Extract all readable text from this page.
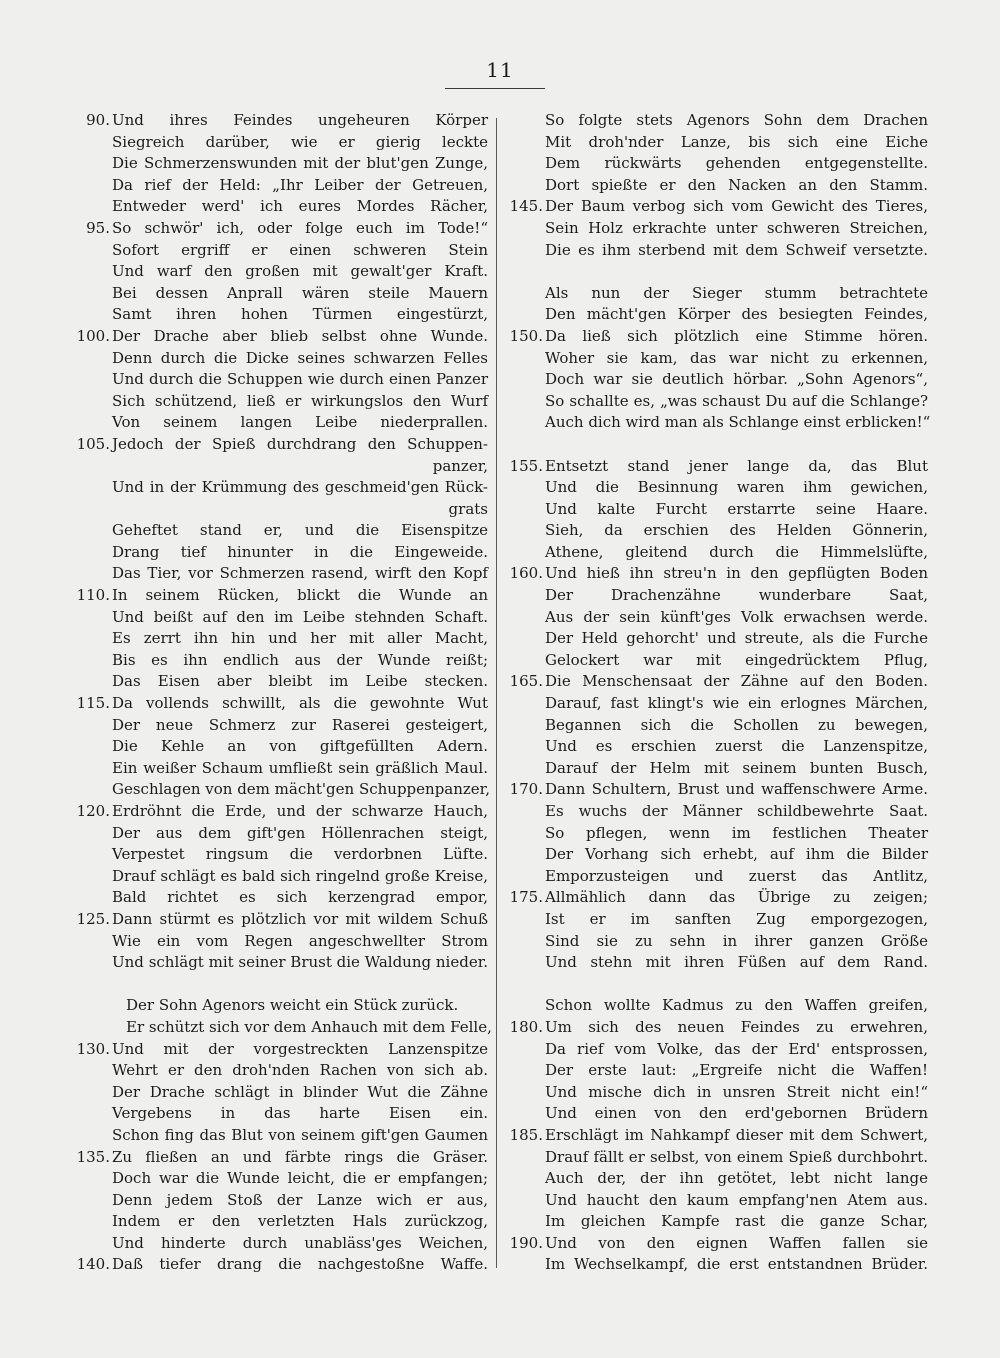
11
90. Und ihres Feindes ungeheuren Körper
Siegreich darüber, wie er gierig leckte
Die Schmerzenswunden mit der blut'gen Zunge,
Da rief der Held: „Ihr Leiber der Getreuen,
Entweder werd' ich eures Mordes Rächer,
95. So schwör' ich, oder folge euch im Tode!“
Sofort ergriff er einen schweren Stein
Und warf den großen mit gewalt'ger Kraft.
Bei dessen Anprall wären steile Mauern
Samt ihren hohen Türmen eingestürzt,
100. Der Drache aber blieb selbst ohne Wunde.
Denn durch die Dicke seines schwarzen Felles
Und durch die Schuppen wie durch einen Panzer
Sich schützend, ließ er wirkungslos den Wurf
Von seinem langen Leibe niederprallen.
105. Jedoch der Spieß durchdrang den Schuppen-
panzer,
Und in der Krümmung des geschmeid'gen Rück-
grats
Geheftet stand er, und die Eisenspitze
Drang tief hinunter in die Eingeweide.
Das Tier, vor Schmerzen rasend, wirft den Kopf
110. In seinem Rücken, blickt die Wunde an
Und beißt auf den im Leibe stehnden Schaft.
Es zerrt ihn hin und her mit aller Macht,
Bis es ihn endlich aus der Wunde reißt;
Das Eisen aber bleibt im Leibe stecken.
115. Da vollends schwillt, als die gewohnte Wut
Der neue Schmerz zur Raserei gesteigert,
Die Kehle an von giftgefüllten Adern.
Ein weißer Schaum umfließt sein gräßlich Maul.
Geschlagen von dem mächt'gen Schuppenpanzer,
120. Erdröhnt die Erde, und der schwarze Hauch,
Der aus dem gift'gen Höllenrachen steigt,
Verpestet ringsum die verdorbnen Lüfte.
Drauf schlägt es bald sich ringelnd große Kreise,
Bald richtet es sich kerzengrad empor,
125. Dann stürmt es plötzlich vor mit wildem Schuß
Wie ein vom Regen angeschwellter Strom
Und schlägt mit seiner Brust die Waldung nieder.
Der Sohn Agenors weicht ein Stück zurück.
Er schützt sich vor dem Anhauch mit dem Felle,
130. Und mit der vorgestreckten Lanzenspitze
Wehrt er den droh'nden Rachen von sich ab.
Der Drache schlägt in blinder Wut die Zähne
Vergebens in das harte Eisen ein.
Schon fing das Blut von seinem gift'gen Gaumen
135. Zu fließen an und färbte rings die Gräser.
Doch war die Wunde leicht, die er empfangen;
Denn jedem Stoß der Lanze wich er aus,
Indem er den verletzten Hals zurückzog,
Und hinderte durch unabläss'ges Weichen,
140. Daß tiefer drang die nachgestoßne Waffe.
So folgte stets Agenors Sohn dem Drachen
Mit droh'nder Lanze, bis sich eine Eiche
Dem rückwärts gehenden entgegenstellte.
Dort spießte er den Nacken an den Stamm.
145. Der Baum verbog sich vom Gewicht des Tieres,
Sein Holz erkrachte unter schweren Streichen,
Die es ihm sterbend mit dem Schweif versetzte.
Als nun der Sieger stumm betrachtete
Den mächt'gen Körper des besiegten Feindes,
150. Da ließ sich plötzlich eine Stimme hören.
Woher sie kam, das war nicht zu erkennen,
Doch war sie deutlich hörbar. „Sohn Agenors“,
So schallte es, „was schaust Du auf die Schlange?
Auch dich wird man als Schlange einst erblicken!“
155. Entsetzt stand jener lange da, das Blut
Und die Besinnung waren ihm gewichen,
Und kalte Furcht erstarrte seine Haare.
Sieh, da erschien des Helden Gönnerin,
Athene, gleitend durch die Himmelslüfte,
160. Und hieß ihn streu'n in den gepflügten Boden
Der Drachenzähne wunderbare Saat,
Aus der sein künft'ges Volk erwachsen werde.
Der Held gehorcht' und streute, als die Furche
Gelockert war mit eingedrücktem Pflug,
165. Die Menschensaat der Zähne auf den Boden.
Darauf, fast klingt's wie ein erlognes Märchen,
Begannen sich die Schollen zu bewegen,
Und es erschien zuerst die Lanzenspitze,
Darauf der Helm mit seinem bunten Busch,
170. Dann Schultern, Brust und waffenschwere Arme.
Es wuchs der Männer schildbewehrte Saat.
So pflegen, wenn im festlichen Theater
Der Vorhang sich erhebt, auf ihm die Bilder
Emporzusteigen und zuerst das Antlitz,
175. Allmählich dann das Übrige zu zeigen;
Ist er im sanften Zug emporgezogen,
Sind sie zu sehn in ihrer ganzen Größe
Und stehn mit ihren Füßen auf dem Rand.
Schon wollte Kadmus zu den Waffen greifen,
180. Um sich des neuen Feindes zu erwehren,
Da rief vom Volke, das der Erd' entsprossen,
Der erste laut: „Ergreife nicht die Waffen!
Und mische dich in unsren Streit nicht ein!“
Und einen von den erd'gebornen Brüdern
185. Erschlägt im Nahkampf dieser mit dem Schwert,
Drauf fällt er selbst, von einem Spieß durchbohrt.
Auch der, der ihn getötet, lebt nicht lange
Und haucht den kaum empfang'nen Atem aus.
Im gleichen Kampfe rast die ganze Schar,
190. Und von den eignen Waffen fallen sie
Im Wechselkampf, die erst entstandnen Brüder.
